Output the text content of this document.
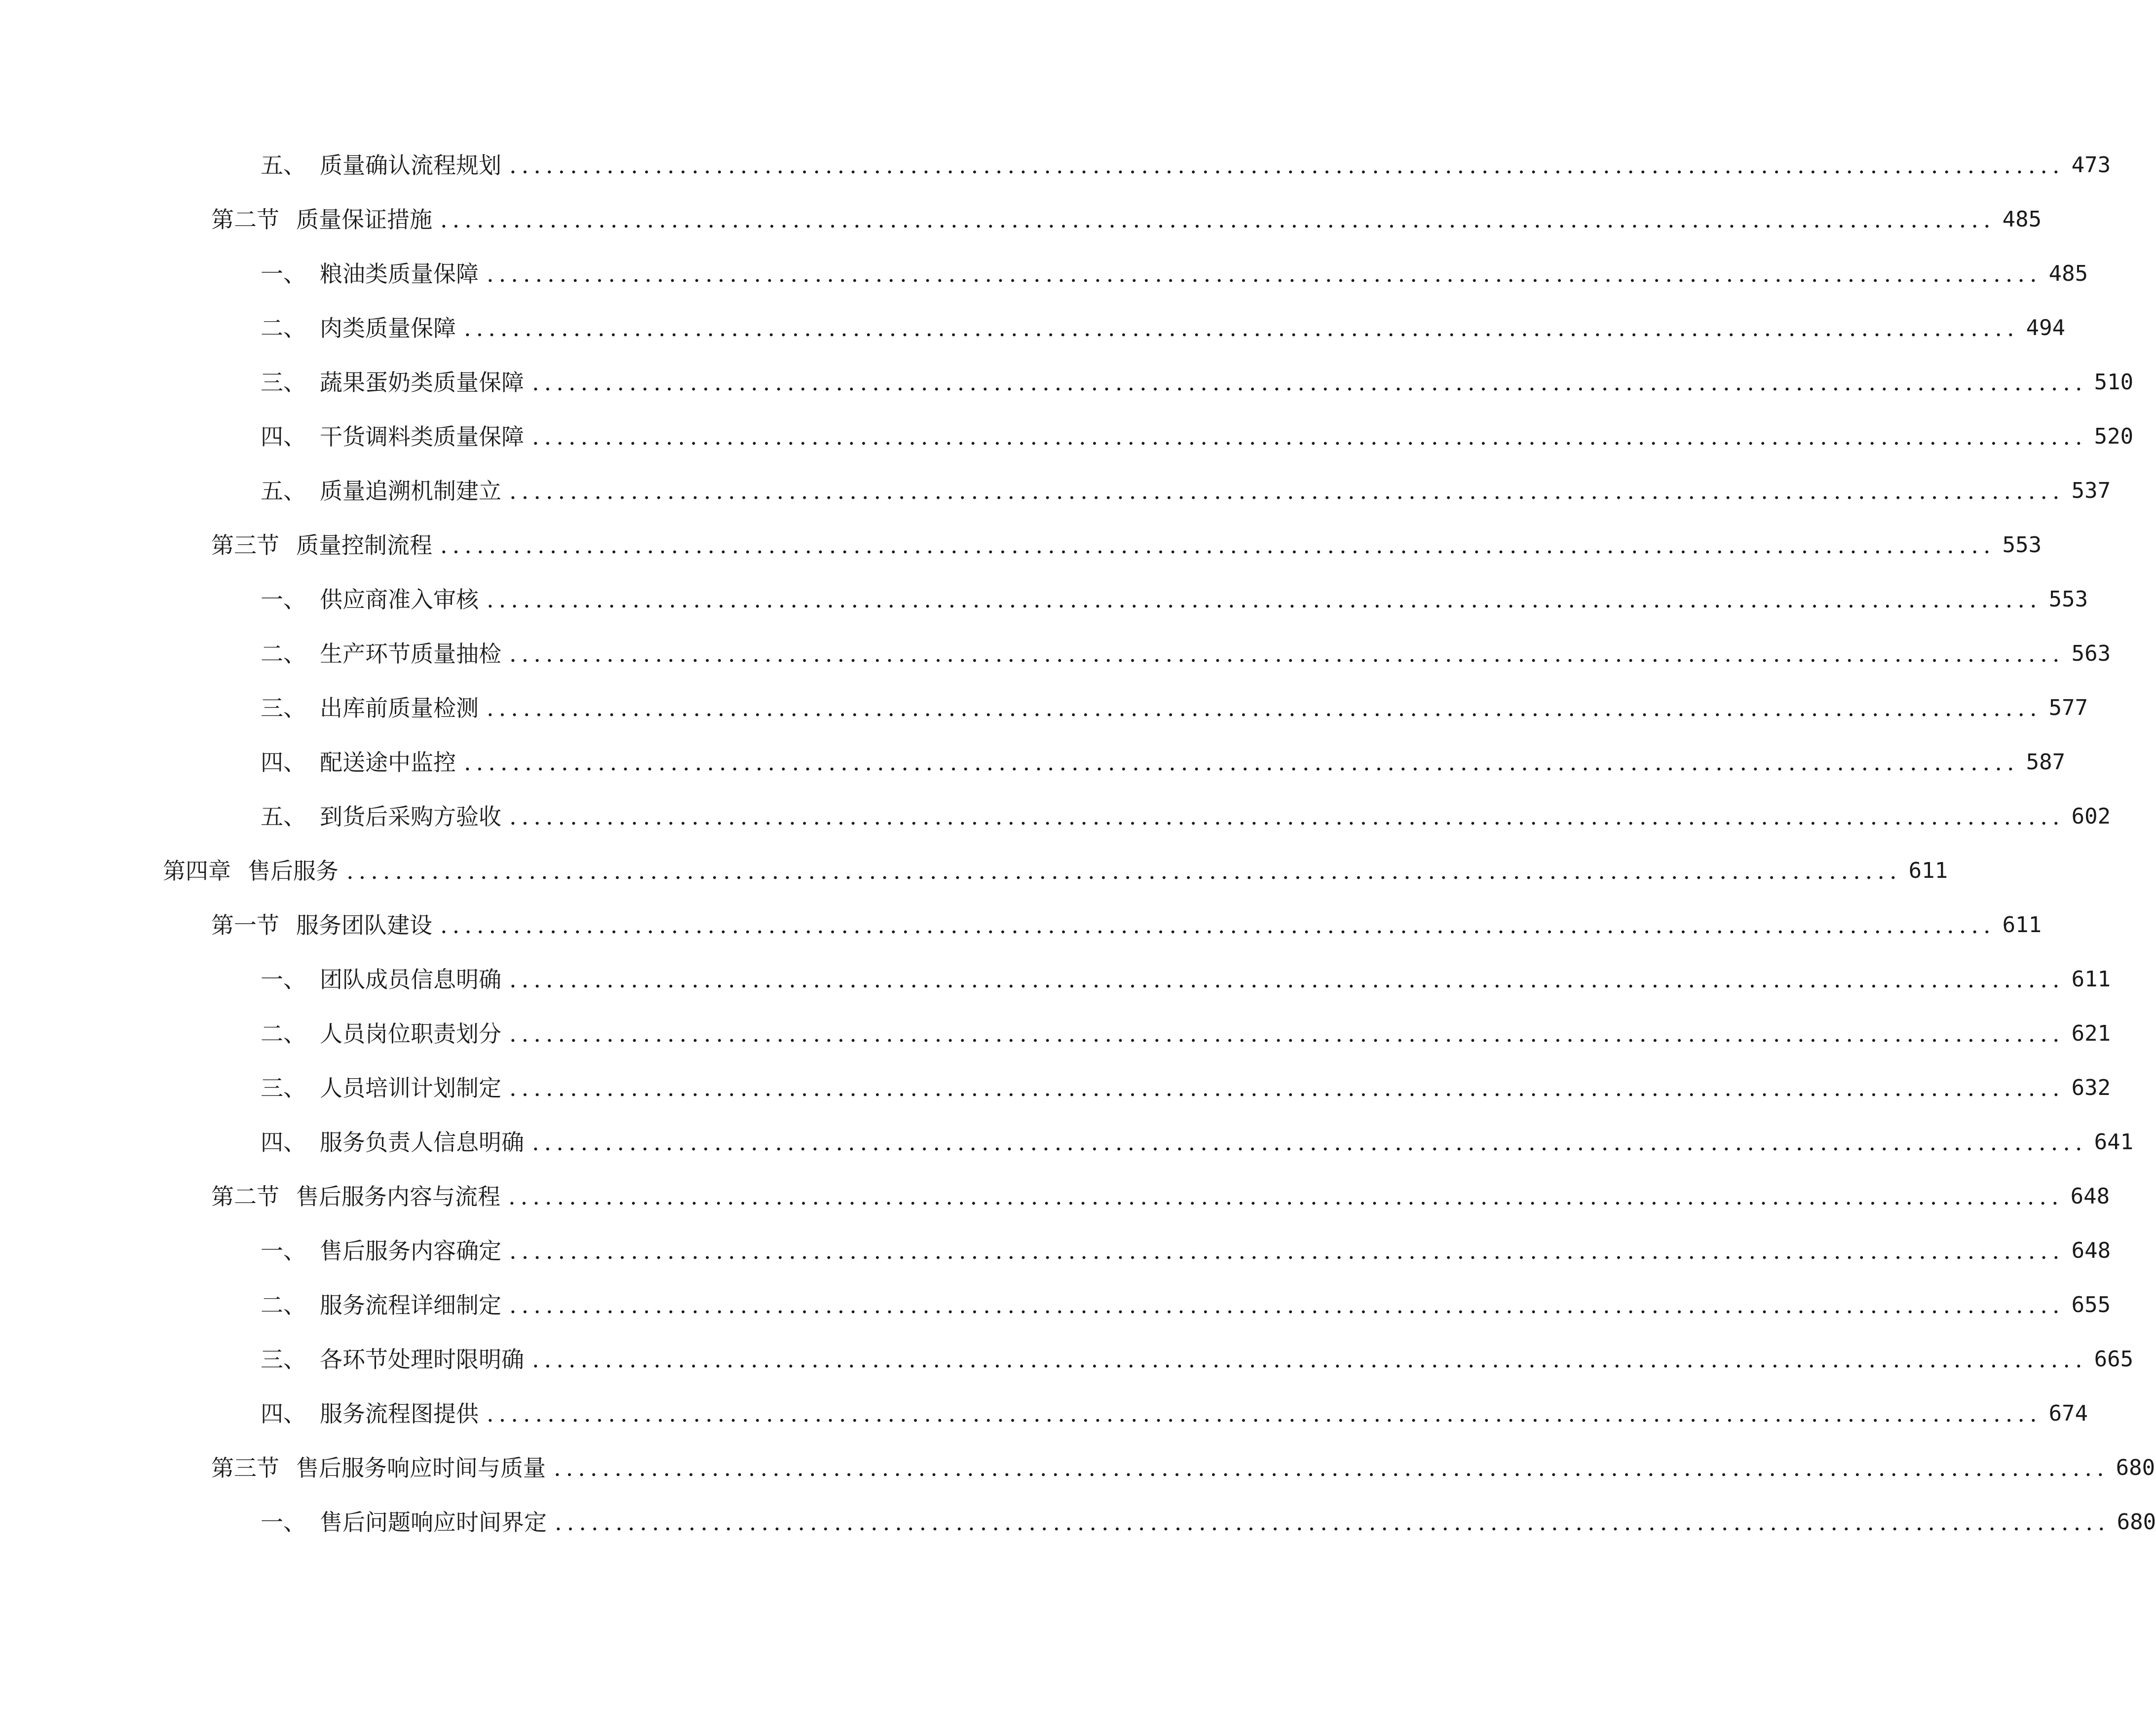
五、 质量确认流程规划 ................................................................................................................................ 473
第二节 质量保证措施 ................................................................................................................................ 485
一、 粮油类质量保障 ................................................................................................................................ 485
二、 肉类质量保障 ................................................................................................................................ 494
三、 蔬果蛋奶类质量保障 ................................................................................................................................ 510
四、 干货调料类质量保障 ................................................................................................................................ 520
五、 质量追溯机制建立 ................................................................................................................................ 537
第三节 质量控制流程 ................................................................................................................................ 553
一、 供应商准入审核 ................................................................................................................................ 553
二、 生产环节质量抽检 ................................................................................................................................ 563
三、 出库前质量检测 ................................................................................................................................ 577
四、 配送途中监控 ................................................................................................................................ 587
五、 到货后采购方验收 ................................................................................................................................ 602
第四章 售后服务 ................................................................................................................................ 611
第一节 服务团队建设 ................................................................................................................................ 611
一、 团队成员信息明确 ................................................................................................................................ 611
二、 人员岗位职责划分 ................................................................................................................................ 621
三、 人员培训计划制定 ................................................................................................................................ 632
四、 服务负责人信息明确 ................................................................................................................................ 641
第二节 售后服务内容与流程 ................................................................................................................................ 648
一、 售后服务内容确定 ................................................................................................................................ 648
二、 服务流程详细制定 ................................................................................................................................ 655
三、 各环节处理时限明确 ................................................................................................................................ 665
四、 服务流程图提供 ................................................................................................................................ 674
第三节 售后服务响应时间与质量 ................................................................................................................................ 680
一、 售后问题响应时间界定 ................................................................................................................................ 680
